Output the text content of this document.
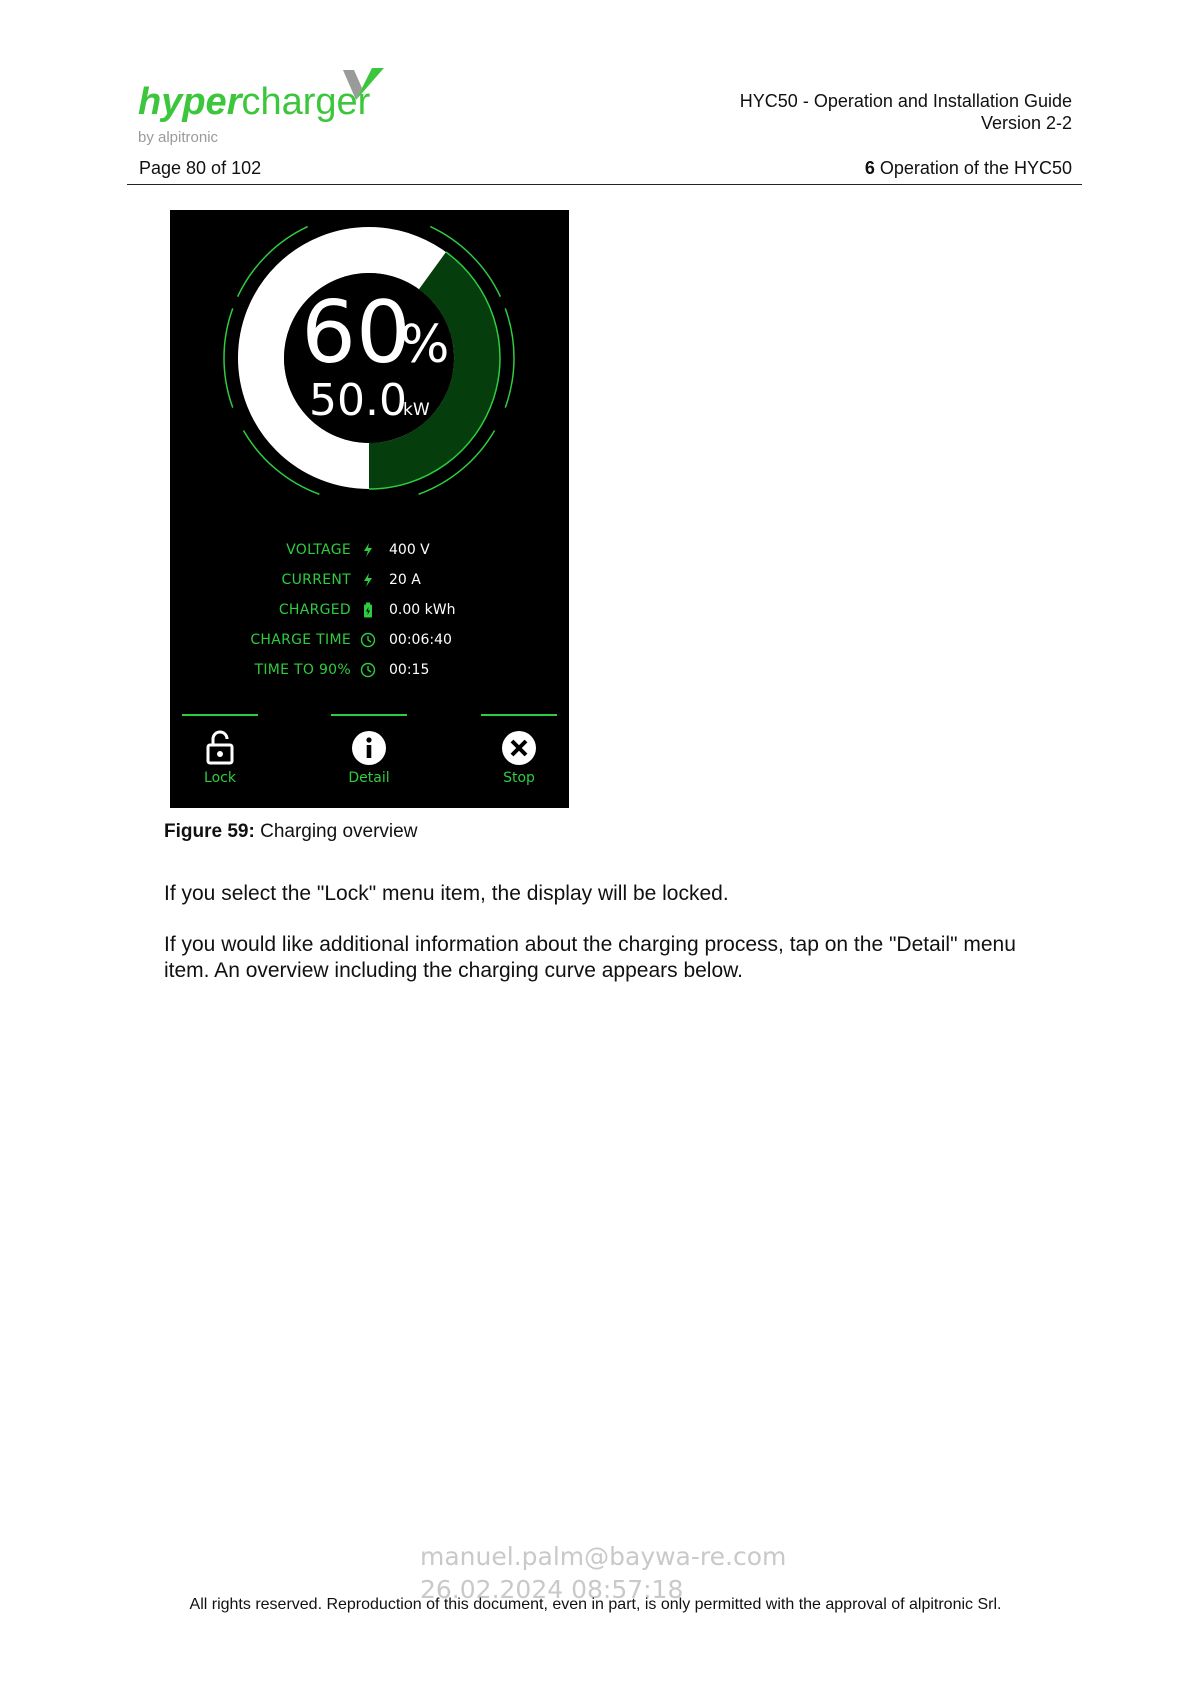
hypercharger
by alpitronic
HYC50 - Operation and Installation Guide
Version 2-2
Page 80 of 102	6 Operation of the HYC50
60
%
50.0
kW
VOLTAGE	400 V
CURRENT	20 A
CHARGED	0.00 kWh
CHARGE TIME	00:06:40
TIME TO 90%	00:15
Lock	Detail	Stop
Figure 59: Charging overview
If you select the "Lock" menu item, the display will be locked.
If you would like additional information about the charging process, tap on the "Detail" menu item. An overview including the charging curve appears below.
manuel.palm@baywa-re.com
26.02.2024 08:57:18
All rights reserved. Reproduction of this document, even in part, is only permitted with the approval of alpitronic Srl.
